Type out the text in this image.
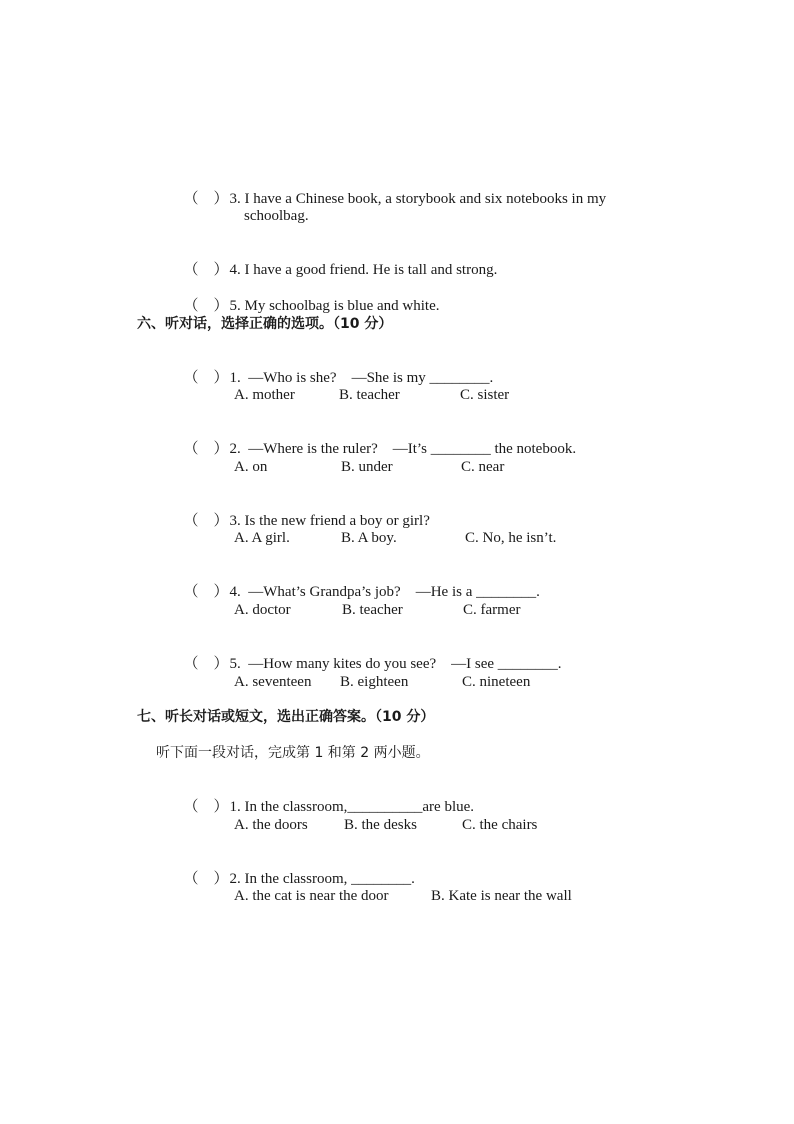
（　）3. I have a Chinese book, a storybook and six notebooks in my

schoolbag.

（　）4. I have a good friend. He is tall and strong.

（　）5. My schoolbag is blue and white.

六、听对话，选择正确的选项。（10 分）

（　）1.  —Who is she?    —She is my ________.

A. mother	B. teacher	C. sister

（　）2.  —Where is the ruler?    —It’s ________ the notebook.

A. on	B. under	C. near

（　）3. Is the new friend a boy or girl?

A. A girl.	B. A boy.	C. No, he isn’t.

（　）4.  —What’s Grandpa’s job?    —He is a ________.

A. doctor	B. teacher	C. farmer

（　）5.  —How many kites do you see?    —I see ________.

A. seventeen B. eighteen	C. nineteen
七、听长对话或短文，选出正确答案。（10 分）
听下面一段对话，完成第 1 和第 2 两小题。

（　）1. In the classroom,__________are blue.

A. the doors B. the desks	C. the chairs

（　）2. In the classroom, ________.

A. the cat is near the door	B. Kate is near the wall
